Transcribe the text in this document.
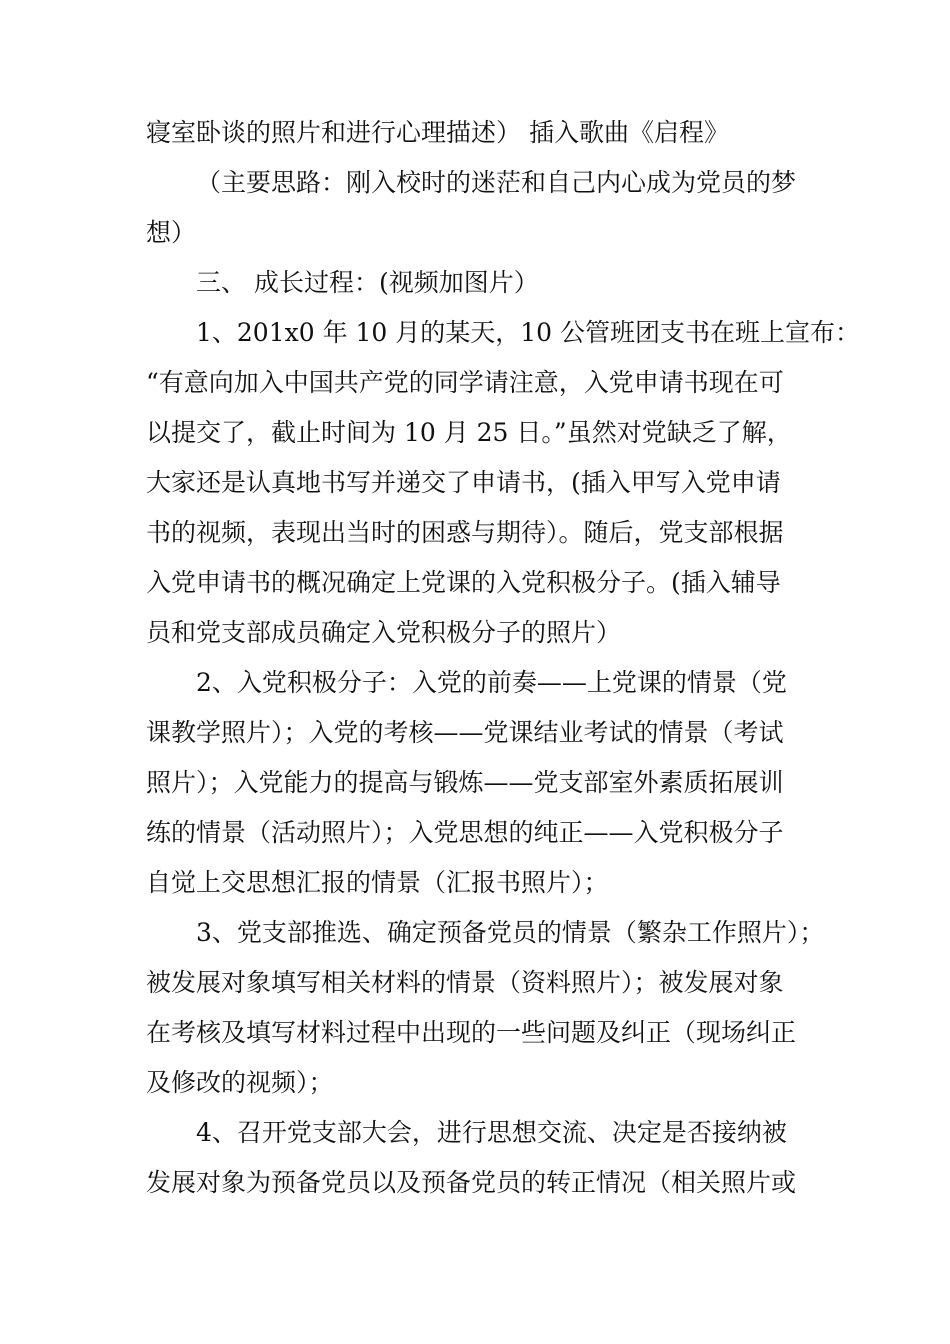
寝室卧谈的照片和进行心理描述） 插入歌曲《启程》
（主要思路：刚入校时的迷茫和自己内心成为党员的梦
想）
三、 成长过程：(视频加图片）
1、201x0 年 10 月的某天，10 公管班团支书在班上宣布：
“有意向加入中国共产党的同学请注意，入党申请书现在可
以提交了，截止时间为 10 月 25 日。”虽然对党缺乏了解，
大家还是认真地书写并递交了申请书，(插入甲写入党申请
书的视频，表现出当时的困惑与期待）。随后，党支部根据
入党申请书的概况确定上党课的入党积极分子。(插入辅导
员和党支部成员确定入党积极分子的照片）
2、入党积极分子：入党的前奏——上党课的情景（党
课教学照片）；入党的考核——党课结业考试的情景（考试
照片）；入党能力的提高与锻炼——党支部室外素质拓展训
练的情景（活动照片）；入党思想的纯正——入党积极分子
自觉上交思想汇报的情景（汇报书照片）；
3、党支部推选、确定预备党员的情景（繁杂工作照片）；
被发展对象填写相关材料的情景（资料照片）；被发展对象
在考核及填写材料过程中出现的一些问题及纠正（现场纠正
及修改的视频）；
4、召开党支部大会，进行思想交流、决定是否接纳被
发展对象为预备党员以及预备党员的转正情况（相关照片或
